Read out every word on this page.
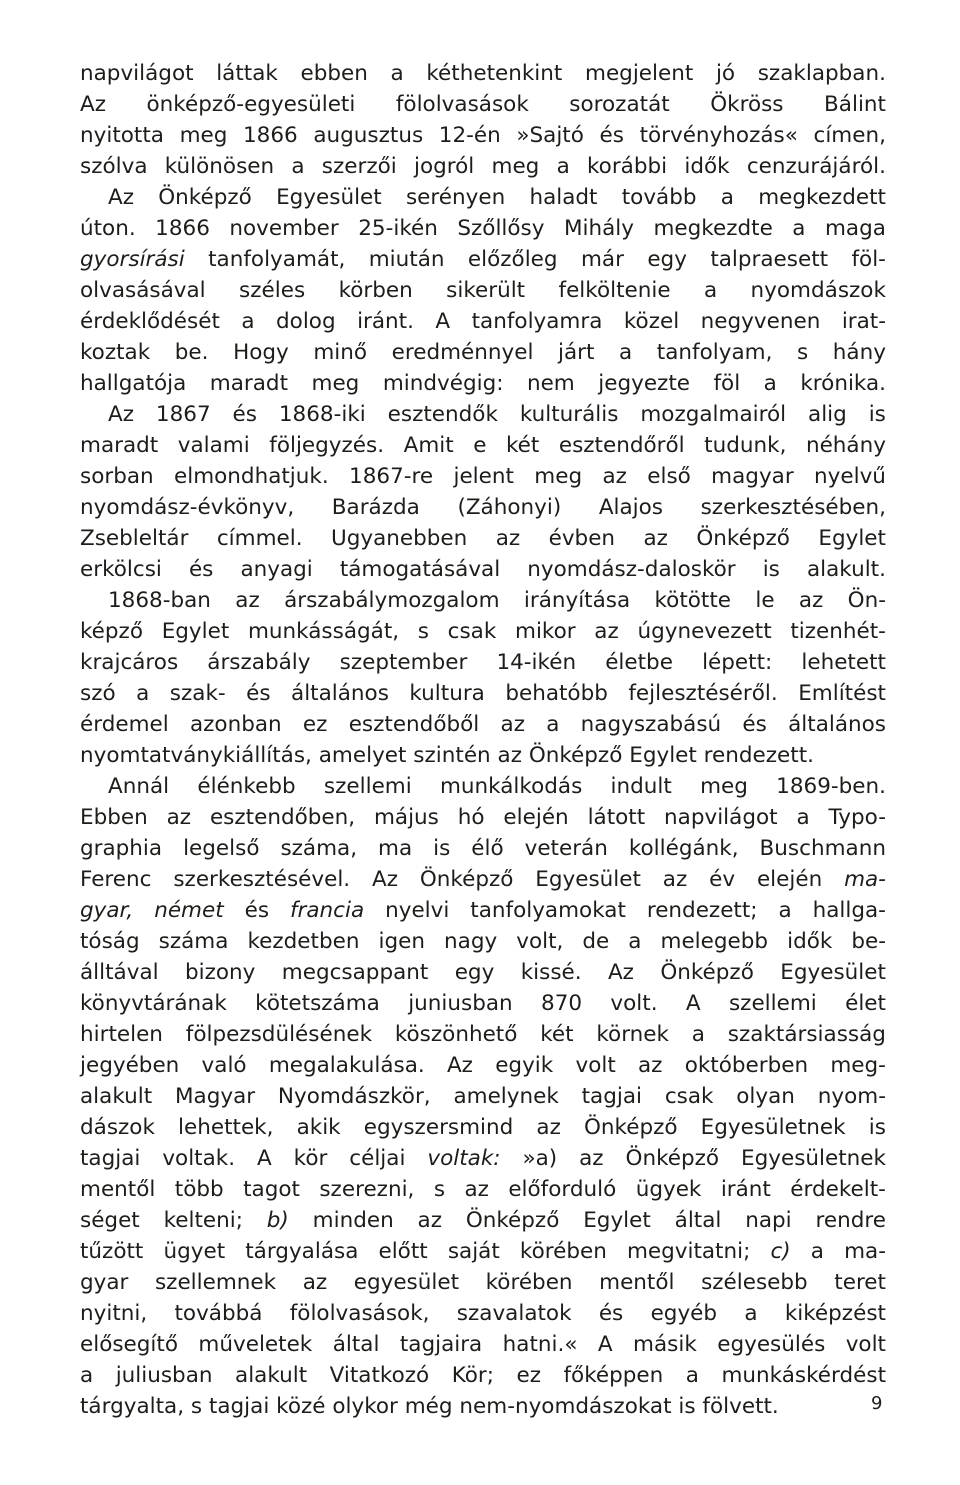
napvilágot láttak ebben a kéthetenkint megjelent jó szaklapban.
Az önképző-egyesületi fölolvasások sorozatát Ökröss Bálint
nyitotta meg 1866 augusztus 12-én »Sajtó és törvényhozás« címen,
szólva különösen a szerzői jogról meg a korábbi idők cenzurájáról.
Az Önképző Egyesület serényen haladt tovább a megkezdett
úton. 1866 november 25-ikén Szőllősy Mihály megkezdte a maga
gyorsírási tanfolyamát, miután előzőleg már egy talpraesett föl-
olvasásával széles körben sikerült felköltenie a nyomdászok
érdeklődését a dolog iránt. A tanfolyamra közel negyvenen irat-
koztak be. Hogy minő eredménnyel járt a tanfolyam, s hány
hallgatója maradt meg mindvégig: nem jegyezte föl a krónika.
Az 1867 és 1868-iki esztendők kulturális mozgalmairól alig is
maradt valami följegyzés. Amit e két esztendőről tudunk, néhány
sorban elmondhatjuk. 1867-re jelent meg az első magyar nyelvű
nyomdász-évkönyv, Barázda (Záhonyi) Alajos szerkesztésében,
Zsebleltár címmel. Ugyanebben az évben az Önképző Egylet
erkölcsi és anyagi támogatásával nyomdász-daloskör is alakult.
1868-ban az árszabálymozgalom irányítása kötötte le az Ön-
képző Egylet munkásságát, s csak mikor az úgynevezett tizenhét-
krajcáros árszabály szeptember 14-ikén életbe lépett: lehetett
szó a szak- és általános kultura behatóbb fejlesztéséről. Említést
érdemel azonban ez esztendőből az a nagyszabású és általános
nyomtatványkiállítás,
amelyet
szintén
az
Önképző
Egylet
rendezett.
Annál élénkebb szellemi munkálkodás indult meg 1869-ben.
Ebben az esztendőben, május hó elején látott napvilágot a Typo-
graphia legelső száma, ma is élő veterán kollégánk, Buschmann
Ferenc szerkesztésével. Az Önképző Egyesület az év elején ma-
gyar, német és francia nyelvi tanfolyamokat rendezett; a hallga-
tóság száma kezdetben igen nagy volt, de a melegebb idők be-
álltával bizony megcsappant egy kissé. Az Önképző Egyesület
könyvtárának kötetszáma juniusban 870 volt. A szellemi élet
hirtelen fölpezsdülésének köszönhető két körnek a szaktársiasság
jegyében való megalakulása. Az egyik volt az októberben meg-
alakult Magyar Nyomdászkör, amelynek tagjai csak olyan nyom-
dászok lehettek, akik egyszersmind az Önképző Egyesületnek is
tagjai voltak. A kör céljai voltak: »a) az Önképző Egyesületnek
mentől több tagot szerezni, s az előforduló ügyek iránt érdekelt-
séget kelteni; b) minden az Önképző Egylet által napi rendre
tűzött ügyet tárgyalása előtt saját körében megvitatni; c) a ma-
gyar szellemnek az egyesület körében mentől szélesebb teret
nyitni, továbbá fölolvasások, szavalatok és egyéb a kiképzést
elősegítő műveletek által tagjaira hatni.« A másik egyesülés volt
a juliusban alakult Vitatkozó Kör; ez főképpen a munkáskérdést
tárgyalta,
s
tagjai
közé
olykor
még
nem-nyomdászokat
is
fölvett.	9
